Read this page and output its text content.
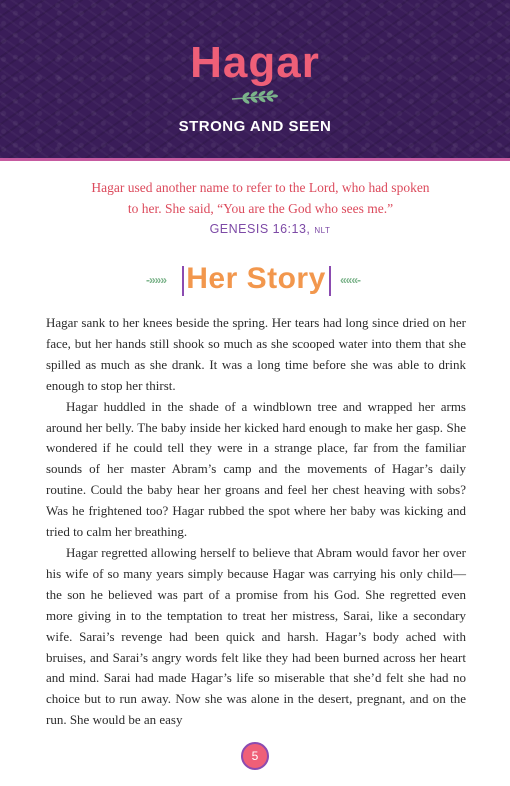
Hagar
STRONG AND SEEN
Hagar used another name to refer to the Lord, who had spoken to her. She said, “You are the God who sees me.”
GENESIS 16:13, NLT
-»»» Her Story «««-

Hagar sank to her knees beside the spring. Her tears had long since dried on her face, but her hands still shook so much as she scooped water into them that she spilled as much as she drank. It was a long time before she was able to drink enough to stop her thirst.

Hagar huddled in the shade of a windblown tree and wrapped her arms around her belly. The baby inside her kicked hard enough to make her gasp. She wondered if he could tell they were in a strange place, far from the familiar sounds of her master Abram’s camp and the movements of Hagar’s daily routine. Could the baby hear her groans and feel her chest heaving with sobs? Was he frightened too? Hagar rubbed the spot where her baby was kicking and tried to calm her breathing.

Hagar regretted allowing herself to believe that Abram would favor her over his wife of so many years simply because Hagar was carrying his only child—the son he believed was part of a promise from his God. She regretted even more giving in to the temptation to treat her mistress, Sarai, like a secondary wife. Sarai’s revenge had been quick and harsh. Hagar’s body ached with bruises, and Sarai’s angry words felt like they had been burned across her heart and mind. Sarai had made Hagar’s life so miserable that she’d felt she had no choice but to run away. Now she was alone in the desert, pregnant, and on the run. She would be an easy

5
